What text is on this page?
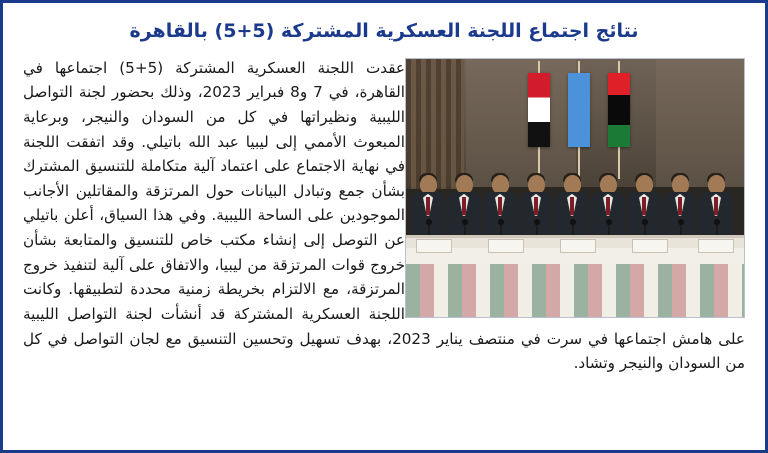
نتائج اجتماع اللجنة العسكرية المشتركة (5+5) بالقاهرة

عقدت اللجنة العسكرية المشتركة (5+5) اجتماعها في القاهرة، في 7 و8 فبراير 2023، وذلك بحضور لجنة التواصل الليبية ونظيراتها في كل من السودان والنيجر، وبرعاية المبعوث الأممي إلى ليبيا عبد الله باتيلي. وقد اتفقت اللجنة في نهاية الاجتماع على اعتماد آلية متكاملة للتنسيق المشترك بشأن جمع وتبادل البيانات حول المرتزقة والمقاتلين الأجانب الموجودين على الساحة الليبية. وفي هذا السياق، أعلن باتيلي عن التوصل إلى إنشاء مكتب خاص للتنسيق والمتابعة بشأن خروج قوات المرتزقة من ليبيا، والاتفاق على آلية لتنفيذ خروج المرتزقة، مع الالتزام بخريطة زمنية محددة لتطبيقها. وكانت اللجنة العسكرية المشتركة قد أنشأت لجنة التواصل الليبية على هامش اجتماعها في سرت في منتصف يناير 2023، بهدف تسهيل وتحسين التنسيق مع لجان التواصل في كل من السودان والنيجر وتشاد.
